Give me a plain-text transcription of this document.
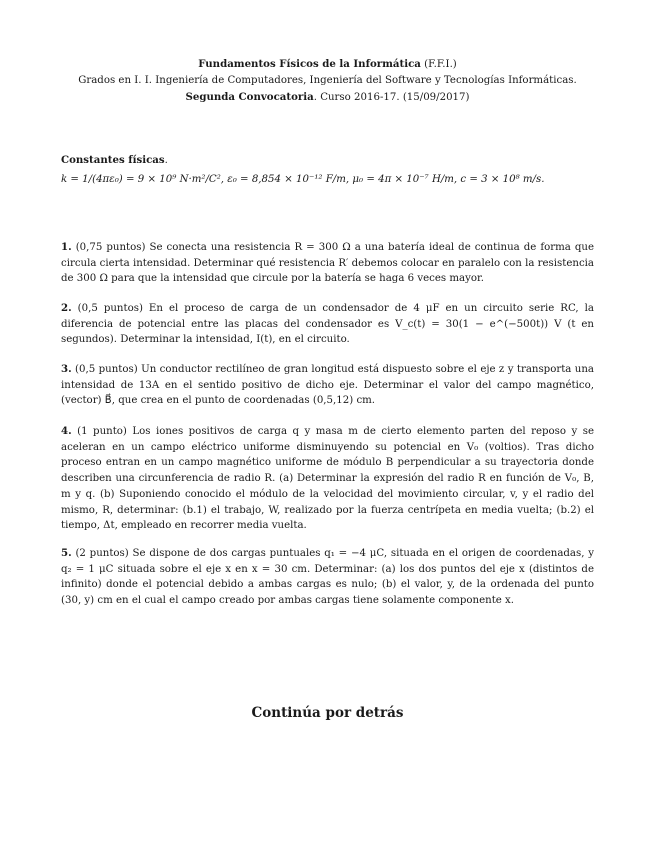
Fundamentos Físicos de la Informática (F.F.I.)
Grados en I. I. Ingeniería de Computadores, Ingeniería del Software y Tecnologías Informáticas.
Segunda Convocatoria. Curso 2016-17. (15/09/2017)
Constantes físicas.
k = 1/(4πε₀) = 9 × 10⁹ N·m²/C², ε₀ = 8,854 × 10⁻¹² F/m, μ₀ = 4π × 10⁻⁷ H/m, c = 3 × 10⁸ m/s.
1. (0,75 puntos) Se conecta una resistencia R = 300 Ω a una batería ideal de continua de forma que circula cierta intensidad. Determinar qué resistencia R′ debemos colocar en paralelo con la resistencia de 300 Ω para que la intensidad que circule por la batería se haga 6 veces mayor.
2. (0,5 puntos) En el proceso de carga de un condensador de 4 μF en un circuito serie RC, la diferencia de potencial entre las placas del condensador es V_c(t) = 30(1 − e^(−500t)) V (t en segundos). Determinar la intensidad, I(t), en el circuito.
3. (0,5 puntos) Un conductor rectilíneo de gran longitud está dispuesto sobre el eje z y transporta una intensidad de 13A en el sentido positivo de dicho eje. Determinar el valor del campo magnético, (vector) B⃗, que crea en el punto de coordenadas (0,5,12) cm.
4. (1 punto) Los iones positivos de carga q y masa m de cierto elemento parten del reposo y se aceleran en un campo eléctrico uniforme disminuyendo su potencial en V₀ (voltios). Tras dicho proceso entran en un campo magnético uniforme de módulo B perpendicular a su trayectoria donde describen una circunferencia de radio R. (a) Determinar la expresión del radio R en función de V₀, B, m y q. (b) Suponiendo conocido el módulo de la velocidad del movimiento circular, v, y el radio del mismo, R, determinar: (b.1) el trabajo, W, realizado por la fuerza centrípeta en media vuelta; (b.2) el tiempo, Δt, empleado en recorrer media vuelta.
5. (2 puntos) Se dispone de dos cargas puntuales q₁ = −4 μC, situada en el origen de coordenadas, y q₂ = 1 μC situada sobre el eje x en x = 30 cm. Determinar: (a) los dos puntos del eje x (distintos de infinito) donde el potencial debido a ambas cargas es nulo; (b) el valor, y, de la ordenada del punto (30, y) cm en el cual el campo creado por ambas cargas tiene solamente componente x.
Continúa por detrás
